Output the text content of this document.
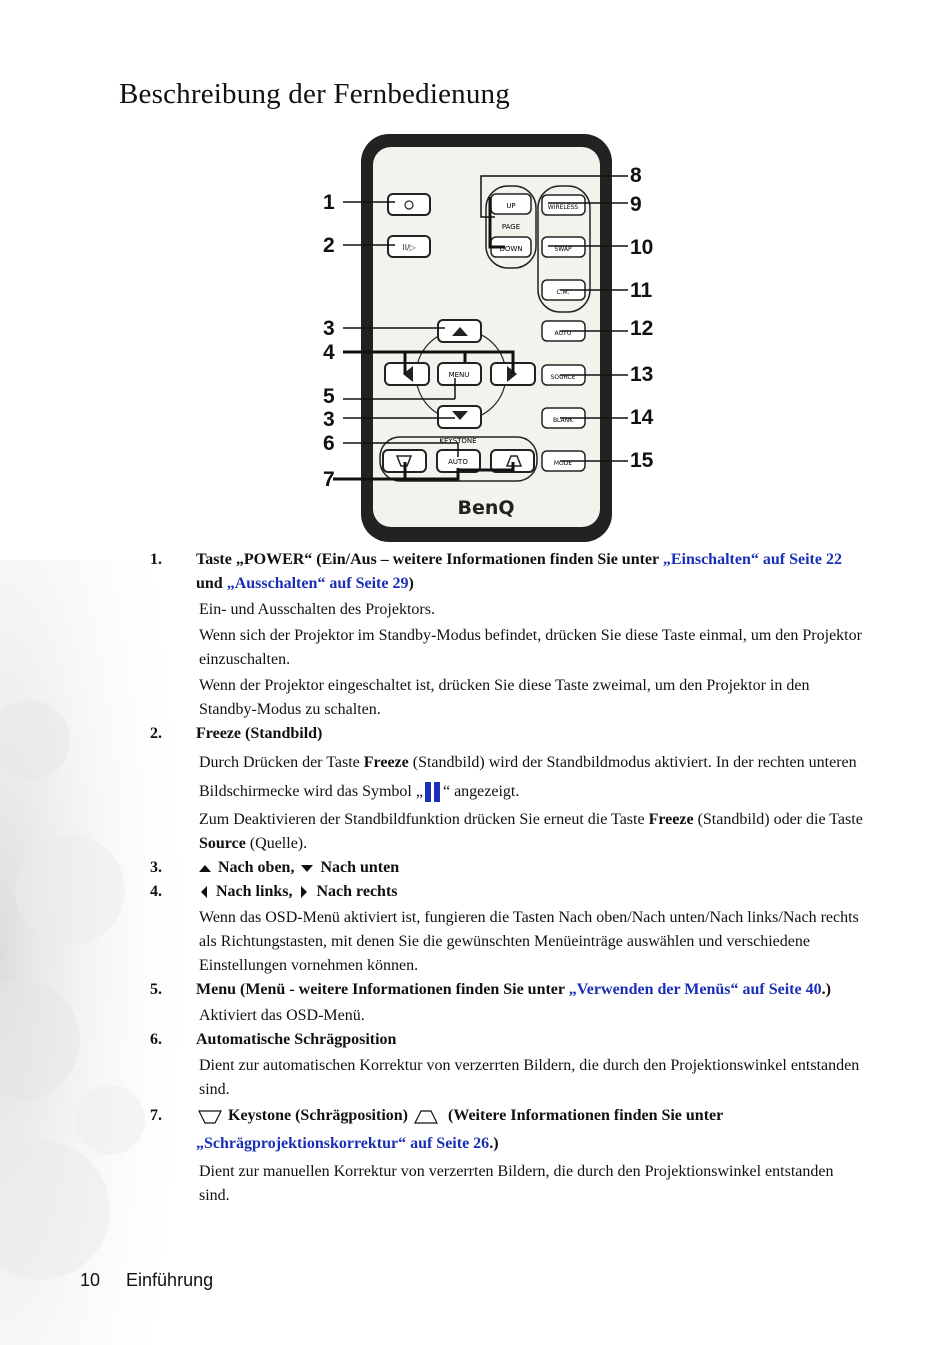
Beschreibung der Fernbedienung
II/▷
UP
PAGE
DOWN
WIRELESS
SWAP
C.M.
AUTO
SOURCE
BLANK
MODE
MENU
KEYSTONE
AUTO
BenQ
1
2
3
4
5
3
6
7
8
9
10
11
12
13
14
15
1.	Taste „POWER“ (Ein/Aus – weitere Informationen finden Sie unter „Einschalten“ auf Seite 22 und „Ausschalten“ auf Seite 29)
Ein- und Ausschalten des Projektors.
Wenn sich der Projektor im Standby-Modus befindet, drücken Sie diese Taste einmal, um den Projektor einzuschalten.
Wenn der Projektor eingeschaltet ist, drücken Sie diese Taste zweimal, um den Projektor in den Standby-Modus zu schalten.
2.	Freeze (Standbild)
Durch Drücken der Taste Freeze (Standbild) wird der Standbildmodus aktiviert. In der rechten unteren Bildschirmecke wird das Symbol „ “ angezeigt.
Zum Deaktivieren der Standbildfunktion drücken Sie erneut die Taste Freeze (Standbild) oder die Taste Source (Quelle).
3.	Nach oben, Nach unten
4.	Nach links, Nach rechts
Wenn das OSD-Menü aktiviert ist, fungieren die Tasten Nach oben/Nach unten/Nach links/Nach rechts als Richtungstasten, mit denen Sie die gewünschten Menüeinträge auswählen und verschiedene Einstellungen vornehmen können.
5.	Menu (Menü - weitere Informationen finden Sie unter „Verwenden der Menüs“ auf Seite 40.)
Aktiviert das OSD-Menü.
6.	Automatische Schrägposition
Dient zur automatischen Korrektur von verzerrten Bildern, die durch den Projektionswinkel entstanden sind.
7.	Keystone (Schrägposition)	(Weitere Informationen finden Sie unter „Schrägprojektionskorrektur“ auf Seite 26.)
Dient zur manuellen Korrektur von verzerrten Bildern, die durch den Projektionswinkel entstanden sind.
10 Einführung
